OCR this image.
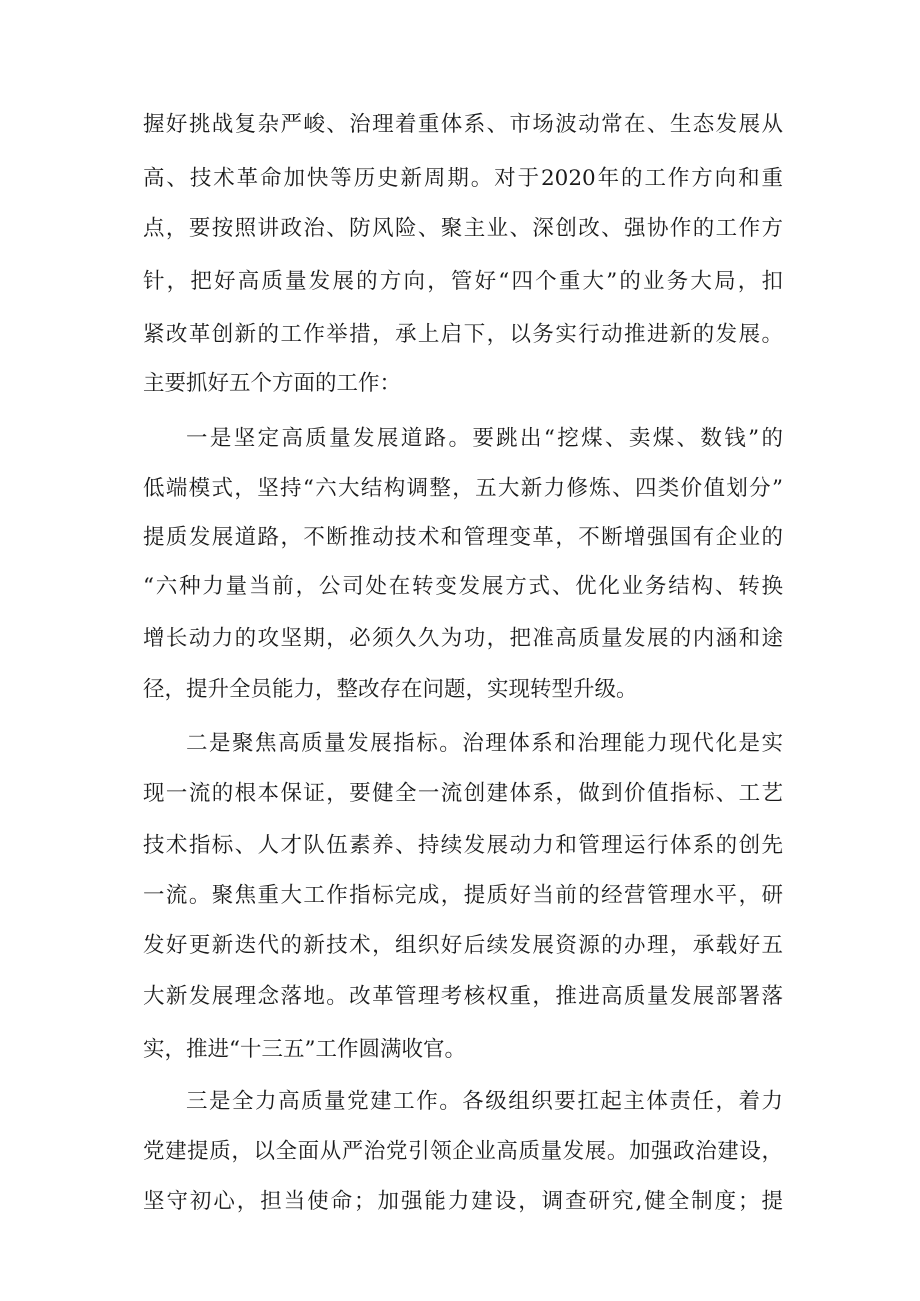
握好挑战复杂严峻、治理着重体系、市场波动常在、生态发展从
高、技术革命加快等历史新周期。对于2020年的工作方向和重
点，要按照讲政治、防风险、聚主业、深创改、强协作的工作方
针，把好高质量发展的方向，管好“四个重大”的业务大局，扣
紧改革创新的工作举措，承上启下，以务实行动推进新的发展。
主要抓好五个方面的工作：
一是坚定高质量发展道路。要跳出“挖煤、卖煤、数钱”的
低端模式，坚持“六大结构调整，五大新力修炼、四类价值划分”
提质发展道路，不断推动技术和管理变革，不断增强国有企业的
“六种力量当前，公司处在转变发展方式、优化业务结构、转换
增长动力的攻坚期，必须久久为功，把准高质量发展的内涵和途
径，提升全员能力，整改存在问题，实现转型升级。
二是聚焦高质量发展指标。治理体系和治理能力现代化是实
现一流的根本保证，要健全一流创建体系，做到价值指标、工艺
技术指标、人才队伍素养、持续发展动力和管理运行体系的创先
一流。聚焦重大工作指标完成，提质好当前的经营管理水平，研
发好更新迭代的新技术，组织好后续发展资源的办理，承载好五
大新发展理念落地。改革管理考核权重，推进高质量发展部署落
实，推进“十三五”工作圆满收官。
三是全力高质量党建工作。各级组织要扛起主体责任，着力
党建提质，以全面从严治党引领企业高质量发展。加强政治建设，
坚守初心，担当使命；加强能力建设，调查研究,健全制度；提
